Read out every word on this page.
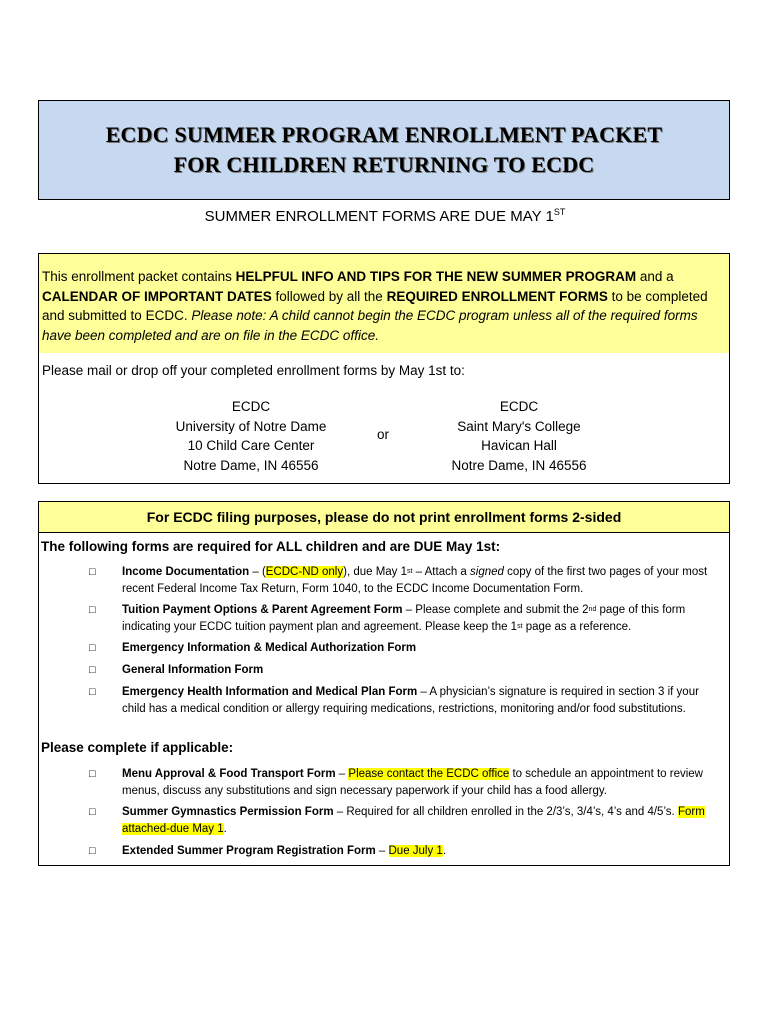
ECDC SUMMER PROGRAM ENROLLMENT PACKET
FOR CHILDREN RETURNING TO ECDC
SUMMER ENROLLMENT FORMS ARE DUE MAY 1ST
This enrollment packet contains HELPFUL INFO AND TIPS FOR THE NEW SUMMER PROGRAM and a CALENDAR OF IMPORTANT DATES followed by all the REQUIRED ENROLLMENT FORMS to be completed and submitted to ECDC. Please note: A child cannot begin the ECDC program unless all of the required forms have been completed and are on file in the ECDC office.
Please mail or drop off your completed enrollment forms by May 1st to:
ECDC
University of Notre Dame
10 Child Care Center
Notre Dame, IN 46556
or
ECDC
Saint Mary's College
Havican Hall
Notre Dame, IN 46556
For ECDC filing purposes, please do not print enrollment forms 2-sided
The following forms are required for ALL children and are DUE May 1st:
□ Income Documentation – (ECDC-ND only), due May 1st – Attach a signed copy of the first two pages of your most recent Federal Income Tax Return, Form 1040, to the ECDC Income Documentation Form.
□ Tuition Payment Options & Parent Agreement Form – Please complete and submit the 2nd page of this form indicating your ECDC tuition payment plan and agreement. Please keep the 1st page as a reference.
□ Emergency Information & Medical Authorization Form
□ General Information Form
□ Emergency Health Information and Medical Plan Form – A physician’s signature is required in section 3 if your child has a medical condition or allergy requiring medications, restrictions, monitoring and/or food substitutions.
Please complete if applicable:
□ Menu Approval & Food Transport Form – Please contact the ECDC office to schedule an appointment to review menus, discuss any substitutions and sign necessary paperwork if your child has a food allergy.
□ Summer Gymnastics Permission Form – Required for all children enrolled in the 2/3’s, 3/4’s, 4’s and 4/5’s. Form attached-due May 1.
□ Extended Summer Program Registration Form – Due July 1.
